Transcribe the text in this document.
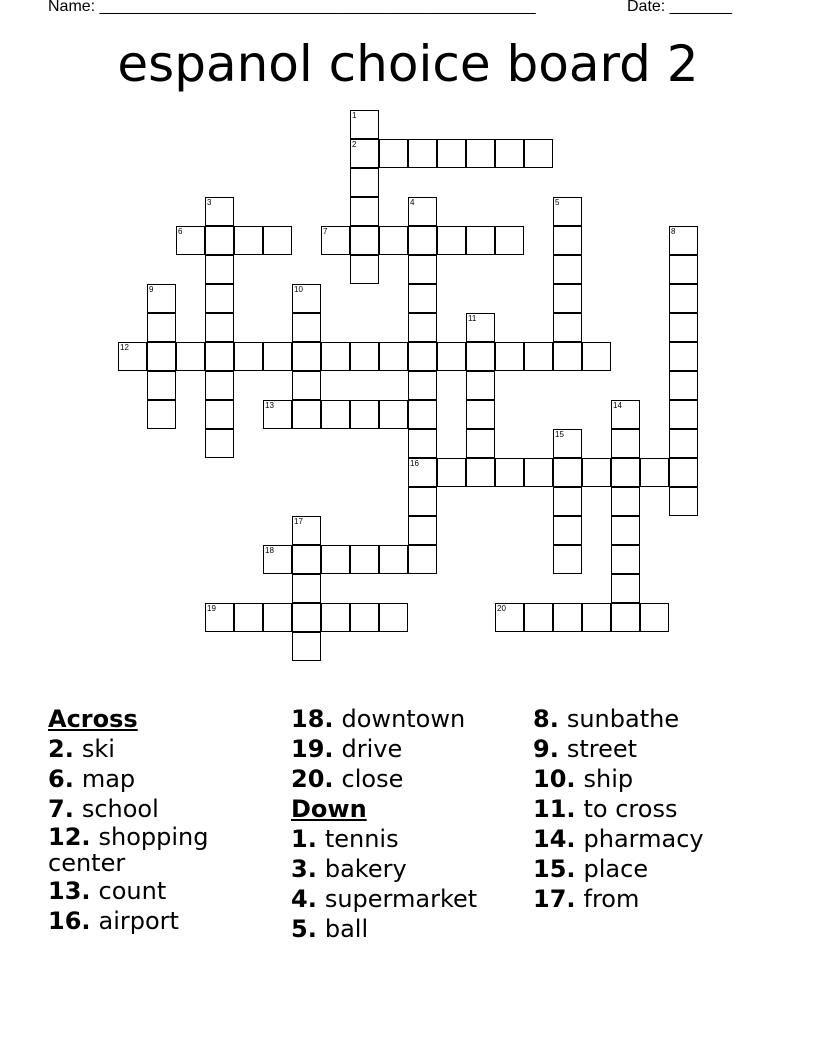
Name: _________________________________________________	Date: _______
espanol choice board 2
1
2
3	4	5
6	7	8
9	10
11
12
13	14
15
16
17
18
19	20
Across
2. ski
6. map
7. school
12. shopping center
13. count
16. airport
18. downtown
19. drive
20. close
Down
1. tennis
3. bakery
4. supermarket
5. ball
8. sunbathe
9. street
10. ship
11. to cross
14. pharmacy
15. place
17. from
